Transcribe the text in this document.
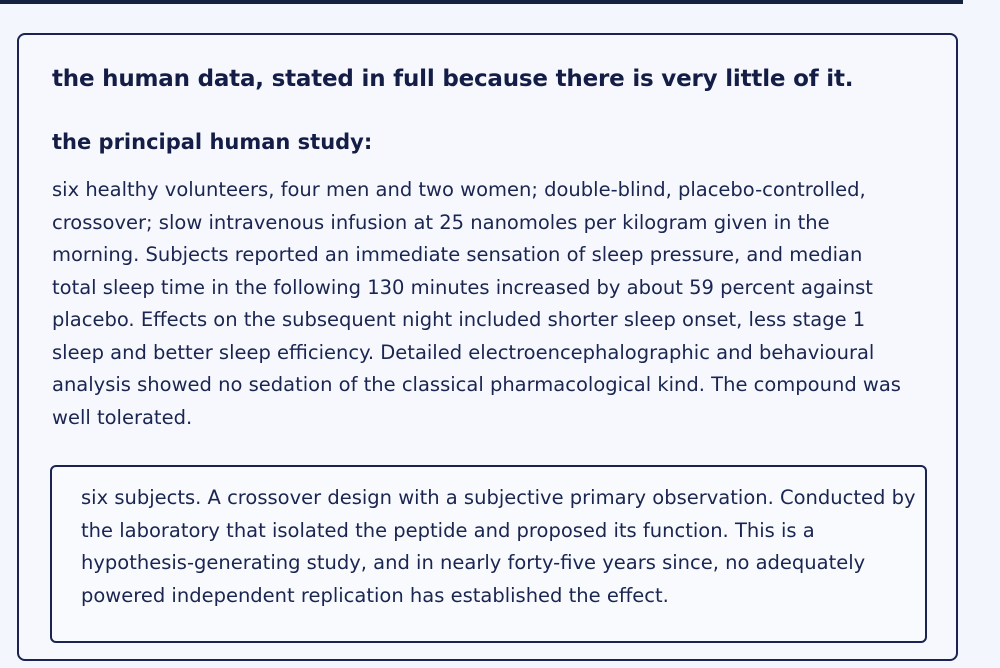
the human data, stated in full because there is very little of it.
the principal human study:

six healthy volunteers, four men and two women; double-blind, placebo-controlled, crossover; slow intravenous infusion at 25 nanomoles per kilogram given in the morning. Subjects reported an immediate sensation of sleep pressure, and median total sleep time in the following 130 minutes increased by about 59 percent against placebo. Effects on the subsequent night included shorter sleep onset, less stage 1 sleep and better sleep efficiency. Detailed electroencephalographic and behavioural analysis showed no sedation of the classical pharmacological kind. The compound was well tolerated.

six subjects. A crossover design with a subjective primary observation. Conducted by the laboratory that isolated the peptide and proposed its function. This is a hypothesis-generating study, and in nearly forty-five years since, no adequately powered independent replication has established the effect.
